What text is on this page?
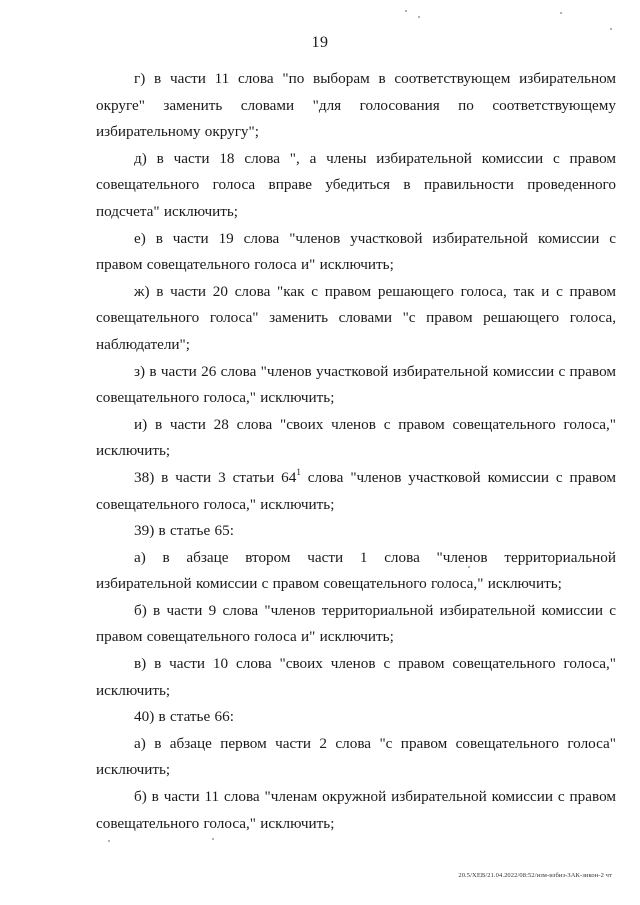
19

г) в части 11 слова "по выборам в соответствующем избирательном округе" заменить словами "для голосования по соответствующему избирательному округу";

д) в части 18 слова ", а члены избирательной комиссии с правом совещательного голоса вправе убедиться в правильности проведенного подсчета" исключить;

е) в части 19 слова "членов участковой избирательной комиссии с правом совещательного голоса и" исключить;

ж) в части 20 слова "как с правом решающего голоса, так и с правом совещательного голоса" заменить словами "с правом решающего голоса, наблюдатели";

з) в части 26 слова "членов участковой избирательной комиссии с правом совещательного голоса," исключить;

и) в части 28 слова "своих членов с правом совещательного голоса," исключить;

38) в части 3 статьи $64^1$ слова "членов участковой комиссии с правом совещательного голоса," исключить;

39) в статье 65:

а) в абзаце втором части 1 слова "членов территориальной избирательной комиссии с правом совещательного голоса," исключить;

б) в части 9 слова "членов территориальной избирательной комиссии с правом совещательного голоса и" исключить;

в) в части 10 слова "своих членов с правом совещательного голоса," исключить;

40) в статье 66:

а) в абзаце первом части 2 слова "с правом совещательного голоса" исключить;

б) в части 11 слова "членам окружной избирательной комиссии с правом совещательного голоса," исключить;

20.5/ХЕВ/21.04.2022/08:52/изм-избиз-ЗАК-зикон-2 чт
